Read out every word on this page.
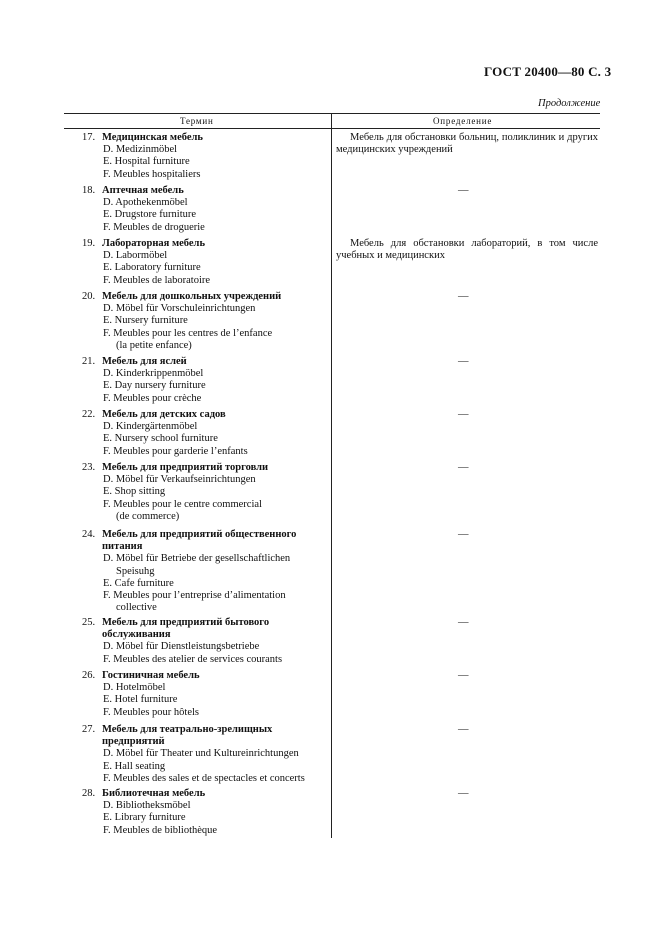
ГОСТ 20400—80 С. 3
Продолжение
Термин	Определение
17. Медицинская мебель
D. Medizinmöbel
E. Hospital furniture
F. Meubles hospitaliers
Мебель для обстановки больниц, поликлиник и других медицинских учреждений
18. Аптечная мебель
D. Apothekenmöbel
E. Drugstore furniture
F. Meubles de droguerie
—
19. Лабораторная мебель
D. Labormöbel
E. Laboratory furniture
F. Meubles de laboratoire
Мебель для обстановки лабораторий, в том числе учебных и медицинских
20. Мебель для дошкольных учреждений
D. Möbel für Vorschuleinrichtungen
E. Nursery furniture
F. Meubles pour les centres de l’enfance
(la petite enfance)
—
21. Мебель для яслей
D. Kinderkrippenmöbel
E. Day nursery furniture
F. Meubles pour crèche
—
22. Мебель для детских садов
D. Kindergärtenmöbel
E. Nursery school furniture
F. Meubles pour garderie l’enfants
—
23. Мебель для предприятий торговли
D. Möbel für Verkaufseinrichtungen
E. Shop sitting
F. Meubles pour le centre commercial
(de commerce)
—
24. Мебель для предприятий общественного питания
D. Möbel für Betriebe der gesellschaftlichen
Speisuhg
E. Cafe furniture
F. Meubles pour l’entreprise d’alimentation
collective
—
25. Мебель для предприятий бытового обслуживания
D. Möbel für Dienstleistungsbetriebe
F. Meubles des atelier de services courants
—
26. Гостиничная мебель
D. Hotelmöbel
E. Hotel furniture
F. Meubles pour hôtels
—
27. Мебель для театрально-зрелищных предприятий
D. Möbel für Theater und Kultureinrichtungen
E. Hall seating
F. Meubles des sales et de spectacles et concerts
—
28. Библиотечная мебель
D. Bibliotheksmöbel
E. Library furniture
F. Meubles de bibliothèque
—
